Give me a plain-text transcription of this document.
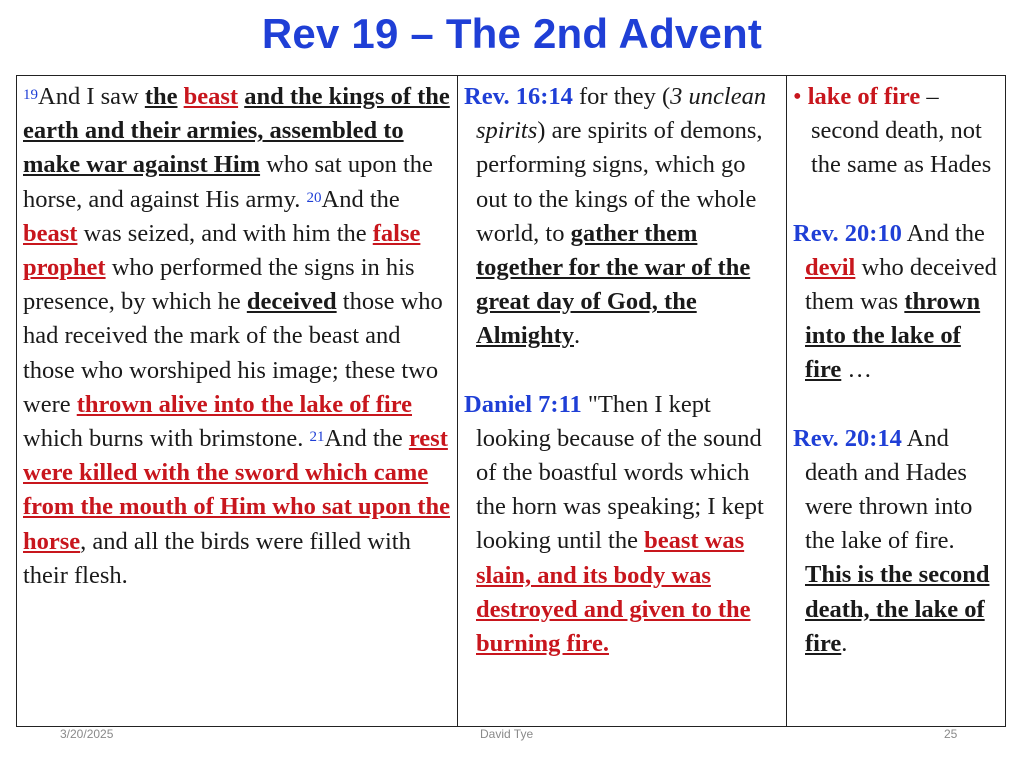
Rev 19 – The 2nd Advent
$^{19}$And I saw the beast and the kings of the earth and their armies, assembled to make war against Him who sat upon the horse, and against His army. $^{20}$And the beast was seized, and with him the false prophet who performed the signs in his presence, by which he deceived those who had received the mark of the beast and those who worshiped his image; these two were thrown alive into the lake of fire which burns with brimstone. $^{21}$And the rest were killed with the sword which came from the mouth of Him who sat upon the horse, and all the birds were filled with their flesh.	
Rev. 16:14 for they (3 unclean spirits) are spirits of demons, performing signs, which go out to the kings of the whole world, to gather them together for the war of the great day of God, the Almighty.
Daniel 7:11 "Then I kept looking because of the sound of the boastful words which the horn was speaking; I kept looking until the beast was slain, and its body was destroyed and given to the burning fire.

• lake of fire – second death, not the same as Hades
Rev. 20:10 And the devil who deceived them was thrown into the lake of fire …
Rev. 20:14 And death and Hades were thrown into the lake of fire. This is the second death, the lake of fire.
3/20/2025	David Tye	25
